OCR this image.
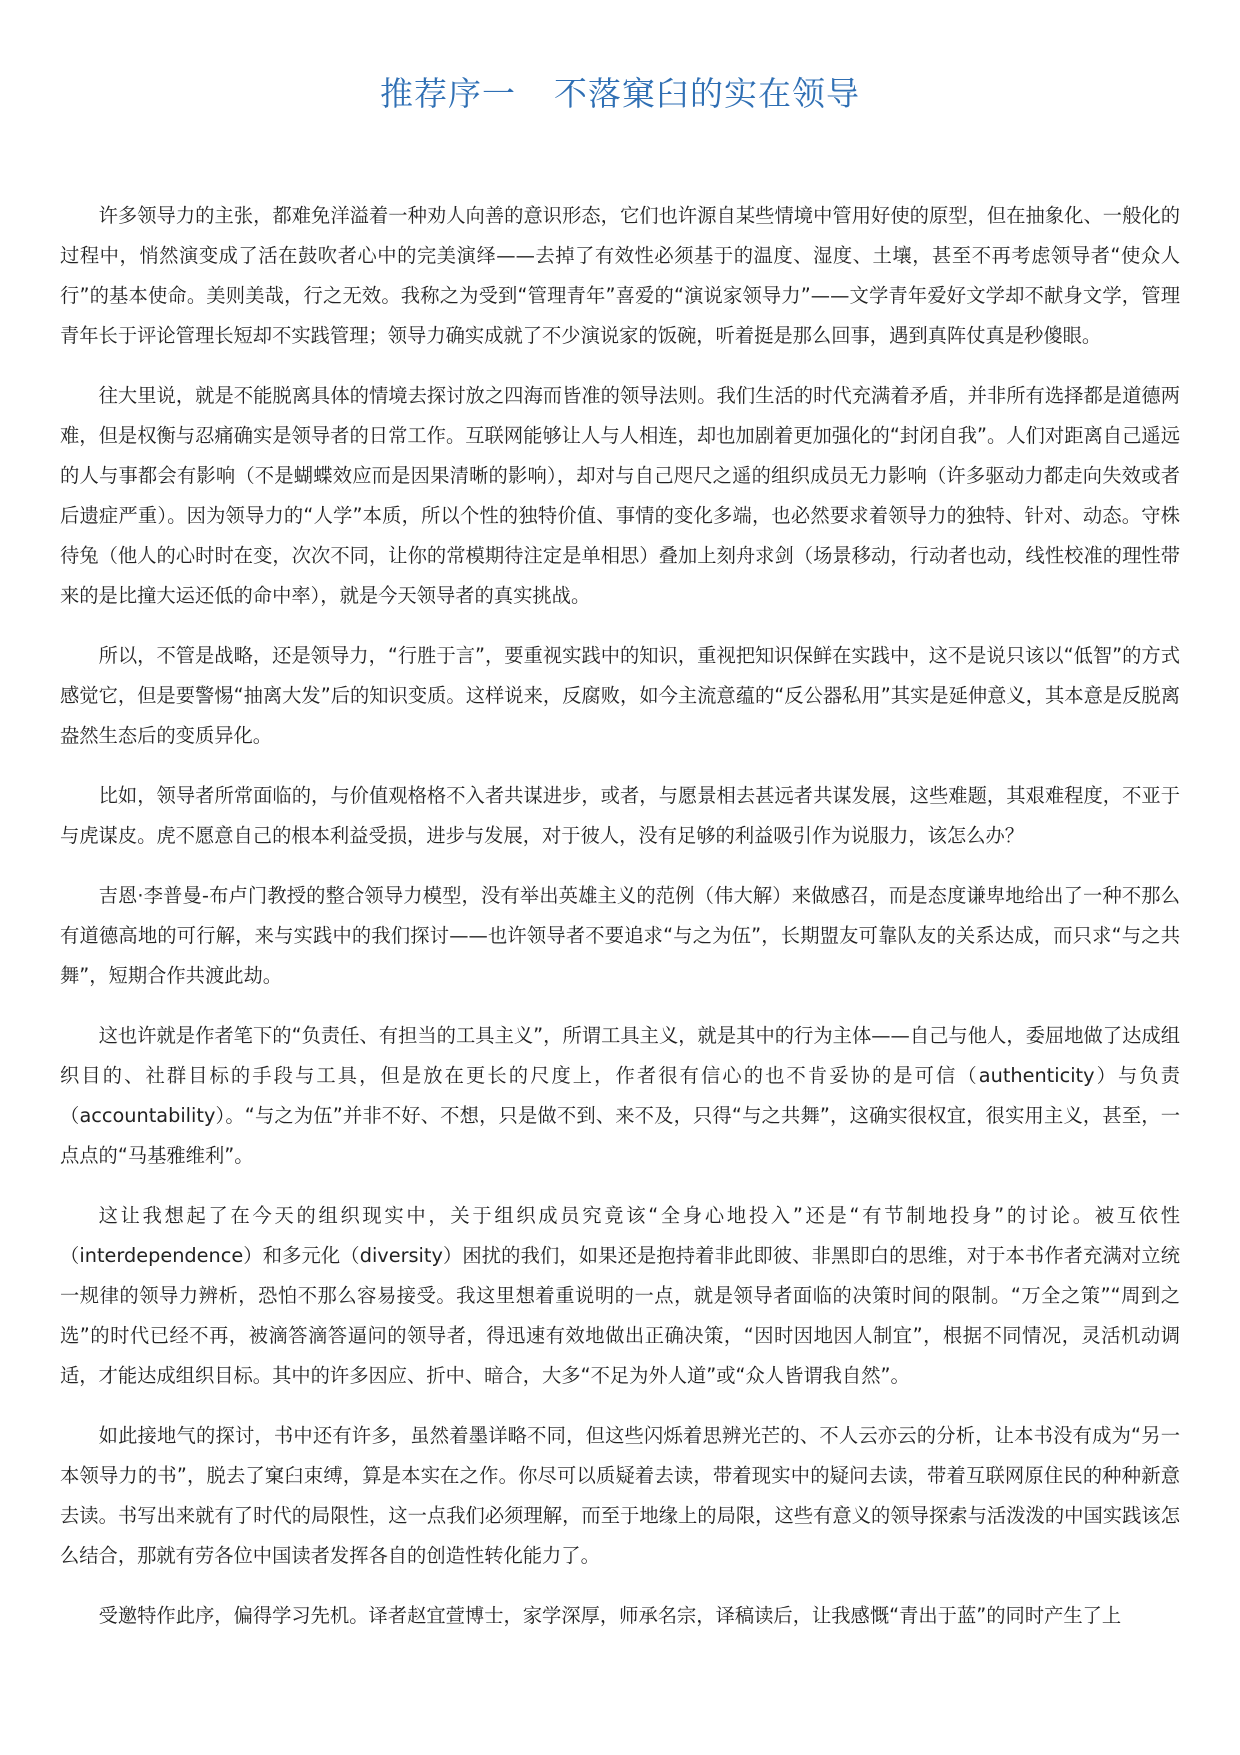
推荐序一 不落窠臼的实在领导

许多领导力的主张，都难免洋溢着一种劝人向善的意识形态，它们也许源自某些情境中管用好使的原型，但在抽象化、一般化的过程中，悄然演变成了活在鼓吹者心中的完美演绎——去掉了有效性必须基于的温度、湿度、土壤，甚至不再考虑领导者“使众人行”的基本使命。美则美哉，行之无效。我称之为受到“管理青年”喜爱的“演说家领导力”——文学青年爱好文学却不献身文学，管理青年长于评论管理长短却不实践管理；领导力确实成就了不少演说家的饭碗，听着挺是那么回事，遇到真阵仗真是秒傻眼。

往大里说，就是不能脱离具体的情境去探讨放之四海而皆准的领导法则。我们生活的时代充满着矛盾，并非所有选择都是道德两难，但是权衡与忍痛确实是领导者的日常工作。互联网能够让人与人相连，却也加剧着更加强化的“封闭自我”。人们对距离自己遥远的人与事都会有影响（不是蝴蝶效应而是因果清晰的影响），却对与自己咫尺之遥的组织成员无力影响（许多驱动力都走向失效或者后遗症严重）。因为领导力的“人学”本质，所以个性的独特价值、事情的变化多端，也必然要求着领导力的独特、针对、动态。守株待兔（他人的心时时在变，次次不同，让你的常模期待注定是单相思）叠加上刻舟求剑（场景移动，行动者也动，线性校准的理性带来的是比撞大运还低的命中率），就是今天领导者的真实挑战。

所以，不管是战略，还是领导力，“行胜于言”，要重视实践中的知识，重视把知识保鲜在实践中，这不是说只该以“低智”的方式感觉它，但是要警惕“抽离大发”后的知识变质。这样说来，反腐败，如今主流意蕴的“反公器私用”其实是延伸意义，其本意是反脱离盎然生态后的变质异化。

比如，领导者所常面临的，与价值观格格不入者共谋进步，或者，与愿景相去甚远者共谋发展，这些难题，其艰难程度，不亚于与虎谋皮。虎不愿意自己的根本利益受损，进步与发展，对于彼人，没有足够的利益吸引作为说服力，该怎么办？

吉恩·李普曼-布卢门教授的整合领导力模型，没有举出英雄主义的范例（伟大解）来做感召，而是态度谦卑地给出了一种不那么有道德高地的可行解，来与实践中的我们探讨——也许领导者不要追求“与之为伍”，长期盟友可靠队友的关系达成，而只求“与之共舞”，短期合作共渡此劫。

这也许就是作者笔下的“负责任、有担当的工具主义”，所谓工具主义，就是其中的行为主体——自己与他人，委屈地做了达成组织目的、社群目标的手段与工具，但是放在更长的尺度上，作者很有信心的也不肯妥协的是可信（authenticity）与负责（accountability）。“与之为伍”并非不好、不想，只是做不到、来不及，只得“与之共舞”，这确实很权宜，很实用主义，甚至，一点点的“马基雅维利”。

这让我想起了在今天的组织现实中，关于组织成员究竟该“全身心地投入”还是“有节制地投身”的讨论。被互依性（interdependence）和多元化（diversity）困扰的我们，如果还是抱持着非此即彼、非黑即白的思维，对于本书作者充满对立统一规律的领导力辨析，恐怕不那么容易接受。我这里想着重说明的一点，就是领导者面临的决策时间的限制。“万全之策”“周到之选”的时代已经不再，被滴答滴答逼问的领导者，得迅速有效地做出正确决策，“因时因地因人制宜”，根据不同情况，灵活机动调适，才能达成组织目标。其中的许多因应、折中、暗合，大多“不足为外人道”或“众人皆谓我自然”。

如此接地气的探讨，书中还有许多，虽然着墨详略不同，但这些闪烁着思辨光芒的、不人云亦云的分析，让本书没有成为“另一本领导力的书”，脱去了窠臼束缚，算是本实在之作。你尽可以质疑着去读，带着现实中的疑问去读，带着互联网原住民的种种新意去读。书写出来就有了时代的局限性，这一点我们必须理解，而至于地缘上的局限，这些有意义的领导探索与活泼泼的中国实践该怎么结合，那就有劳各位中国读者发挥各自的创造性转化能力了。

受邀特作此序，偏得学习先机。译者赵宜萱博士，家学深厚，师承名宗，译稿读后，让我感慨“青出于蓝”的同时产生了上
